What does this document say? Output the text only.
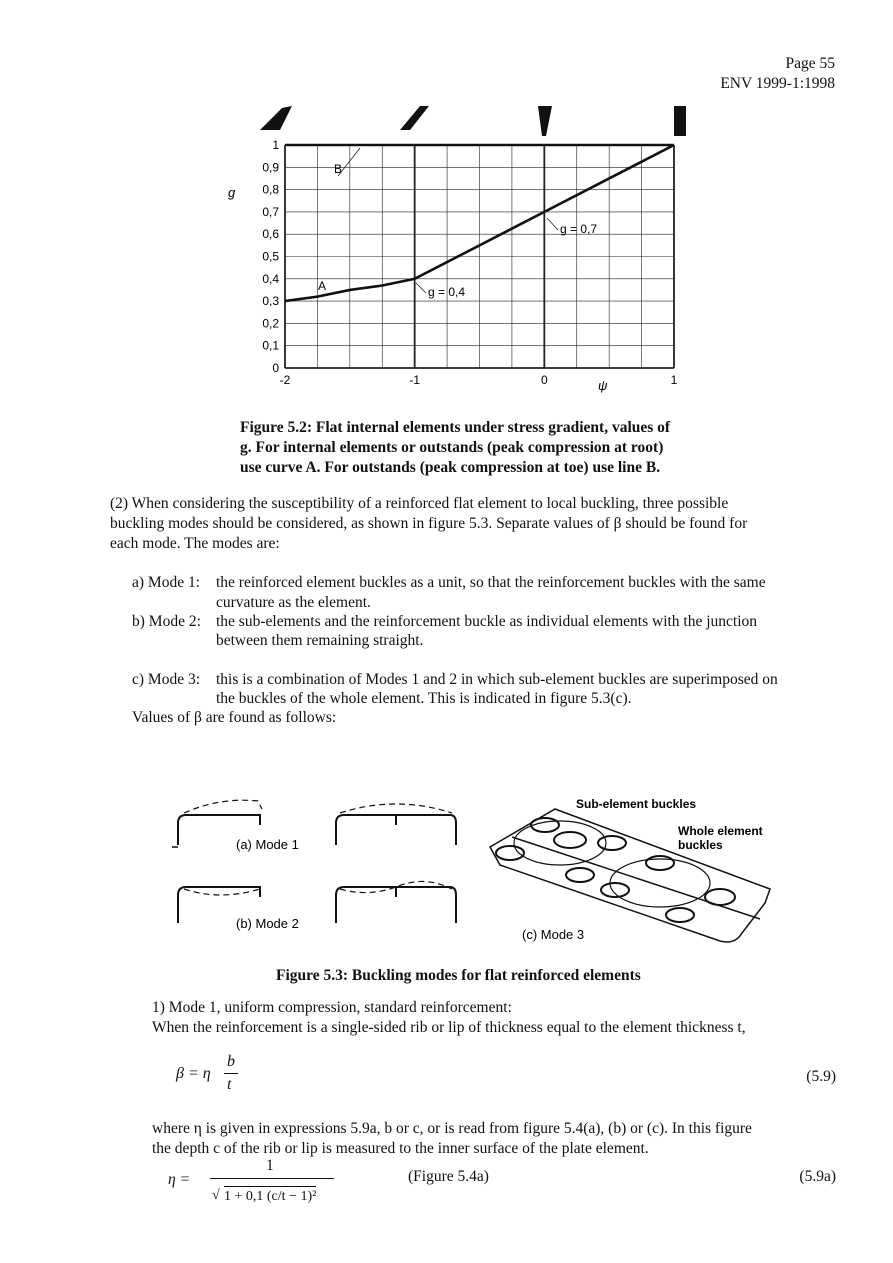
Page 55
ENV 1999-1:1998
0
0,1
0,2
0,3
0,4
0,5
0,6
0,7
0,8
0,9
1
-2	-1	0	1
g
ψ
A
B
g = 0,4
g = 0,7
Figure 5.2: Flat internal elements under stress gradient, values of
g. For internal elements or outstands (peak compression at root)
use curve A. For outstands (peak compression at toe) use line B.
(2) When considering the susceptibility of a reinforced flat element to local buckling, three possible
buckling modes should be considered, as shown in figure 5.3. Separate values of β should be found for
each mode. The modes are:
a) Mode 1: the reinforced element buckles as a unit, so that the reinforcement buckles with the same
curvature as the element.
b) Mode 2: the sub-elements and the reinforcement buckle as individual elements with the junction
between them remaining straight.
c) Mode 3: this is a combination of Modes 1 and 2 in which sub-element buckles are superimposed on
the buckles of the whole element. This is indicated in figure 5.3(c).
Values of β are found as follows:
(a) Mode 1
(b) Mode 2
(c) Mode 3
Sub-element buckles
Whole element
buckles
Figure 5.3: Buckling modes for flat reinforced elements
1) Mode 1, uniform compression, standard reinforcement:
When the reinforcement is a single-sided rib or lip of thickness equal to the element thickness t,
β = η
b
t	(5.9)
where η is given in expressions 5.9a, b or c, or is read from figure 5.4(a), (b) or (c). In this figure
the depth c of the rib or lip is measured to the inner surface of the plate element.
η =
1
√ 1 + 0,1 (c/t − 1)²
(Figure 5.4a)	(5.9a)
